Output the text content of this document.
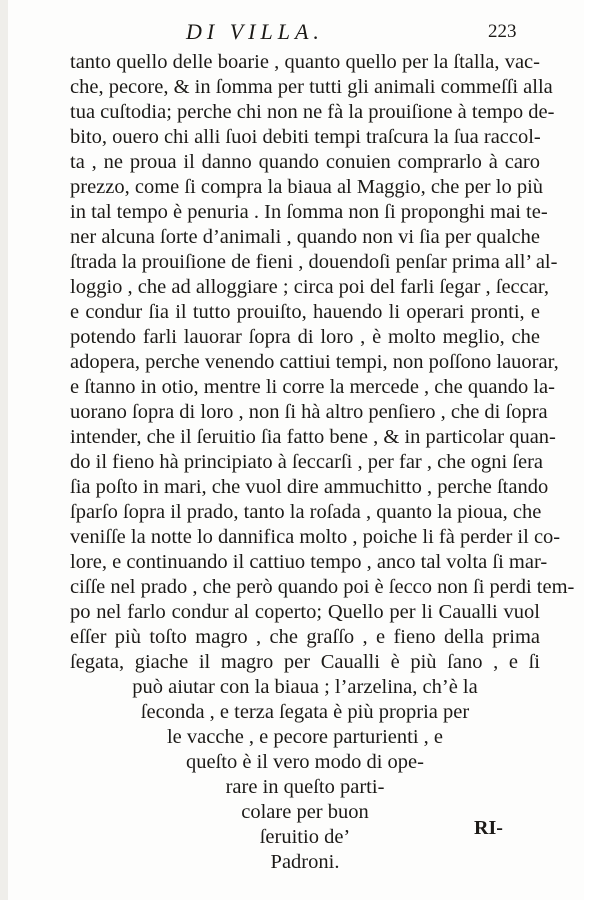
DI VILLA.	223
tanto quello delle boarie , quanto quello per la ſtalla, vac-
che, pecore, & in ſomma per tutti gli animali commeſſi alla
tua cuſtodia; perche chi non ne fà la prouiſione à tempo de-
bito, ouero chi alli ſuoi debiti tempi traſcura la ſua raccol-
ta , ne proua il danno quando conuien comprarlo à caro
prezzo, come ſi compra la biaua al Maggio, che per lo più
in tal tempo è penuria . In ſomma non ſi proponghi mai te-
ner alcuna ſorte d’animali , quando non vi ſia per qualche
ſtrada la prouiſione de fieni , douendoſi penſar prima all’ al-
loggio , che ad alloggiare ; circa poi del farli ſegar , ſeccar,
e condur ſia il tutto prouiſto, hauendo li operari pronti, e
potendo farli lauorar ſopra di loro , è molto meglio, che
adopera, perche venendo cattiui tempi, non poſſono lauorar,
e ſtanno in otio, mentre li corre la mercede , che quando la-
uorano ſopra di loro , non ſi hà altro penſiero , che di ſopra
intender, che il ſeruitio ſia fatto bene , & in particolar quan-
do il fieno hà principiato à ſeccarſi , per far , che ogni ſera
ſia poſto in mari, che vuol dire ammuchitto , perche ſtando
ſparſo ſopra il prado, tanto la roſada , quanto la pioua, che
veniſſe la notte lo dannifica molto , poiche li fà perder il co-
lore, e continuando il cattiuo tempo , anco tal volta ſi mar-
ciſſe nel prado , che però quando poi è ſecco non ſi perdi tem-
po nel farlo condur al coperto; Quello per li Caualli vuol
eſſer più toſto magro , che graſſo , e fieno della prima
ſegata, giache il magro per Caualli è più ſano , e ſi
può aiutar con la biaua ; l’arzelina, ch’è la
ſeconda , e terza ſegata è più propria per
le vacche , e pecore parturienti , e
queſto è il vero modo di ope-
rare in queſto parti-
colare per buon
ſeruitio de’
Padroni.
RI-
